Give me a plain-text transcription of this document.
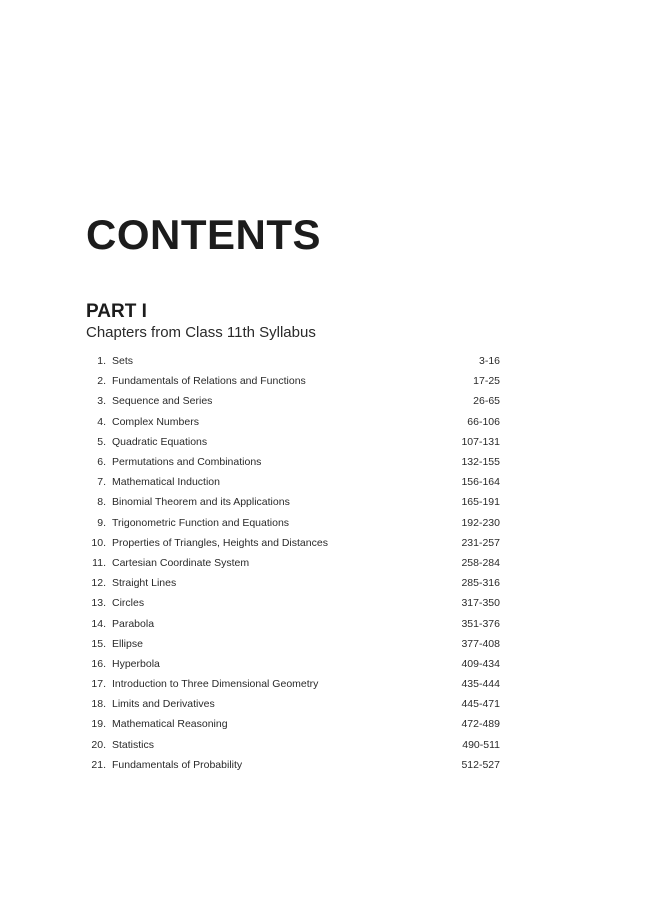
CONTENTS
PART I
Chapters from Class 11th Syllabus
1. Sets	3-16
2. Fundamentals of Relations and Functions	17-25
3. Sequence and Series	26-65
4. Complex Numbers	66-106
5. Quadratic Equations	107-131
6. Permutations and Combinations	132-155
7. Mathematical Induction	156-164
8. Binomial Theorem and its Applications	165-191
9. Trigonometric Function and Equations	192-230
10. Properties of Triangles, Heights and Distances	231-257
11. Cartesian Coordinate System	258-284
12. Straight Lines	285-316
13. Circles	317-350
14. Parabola	351-376
15. Ellipse	377-408
16. Hyperbola	409-434
17. Introduction to Three Dimensional Geometry	435-444
18. Limits and Derivatives	445-471
19. Mathematical Reasoning	472-489
20. Statistics	490-511
21. Fundamentals of Probability	512-527
